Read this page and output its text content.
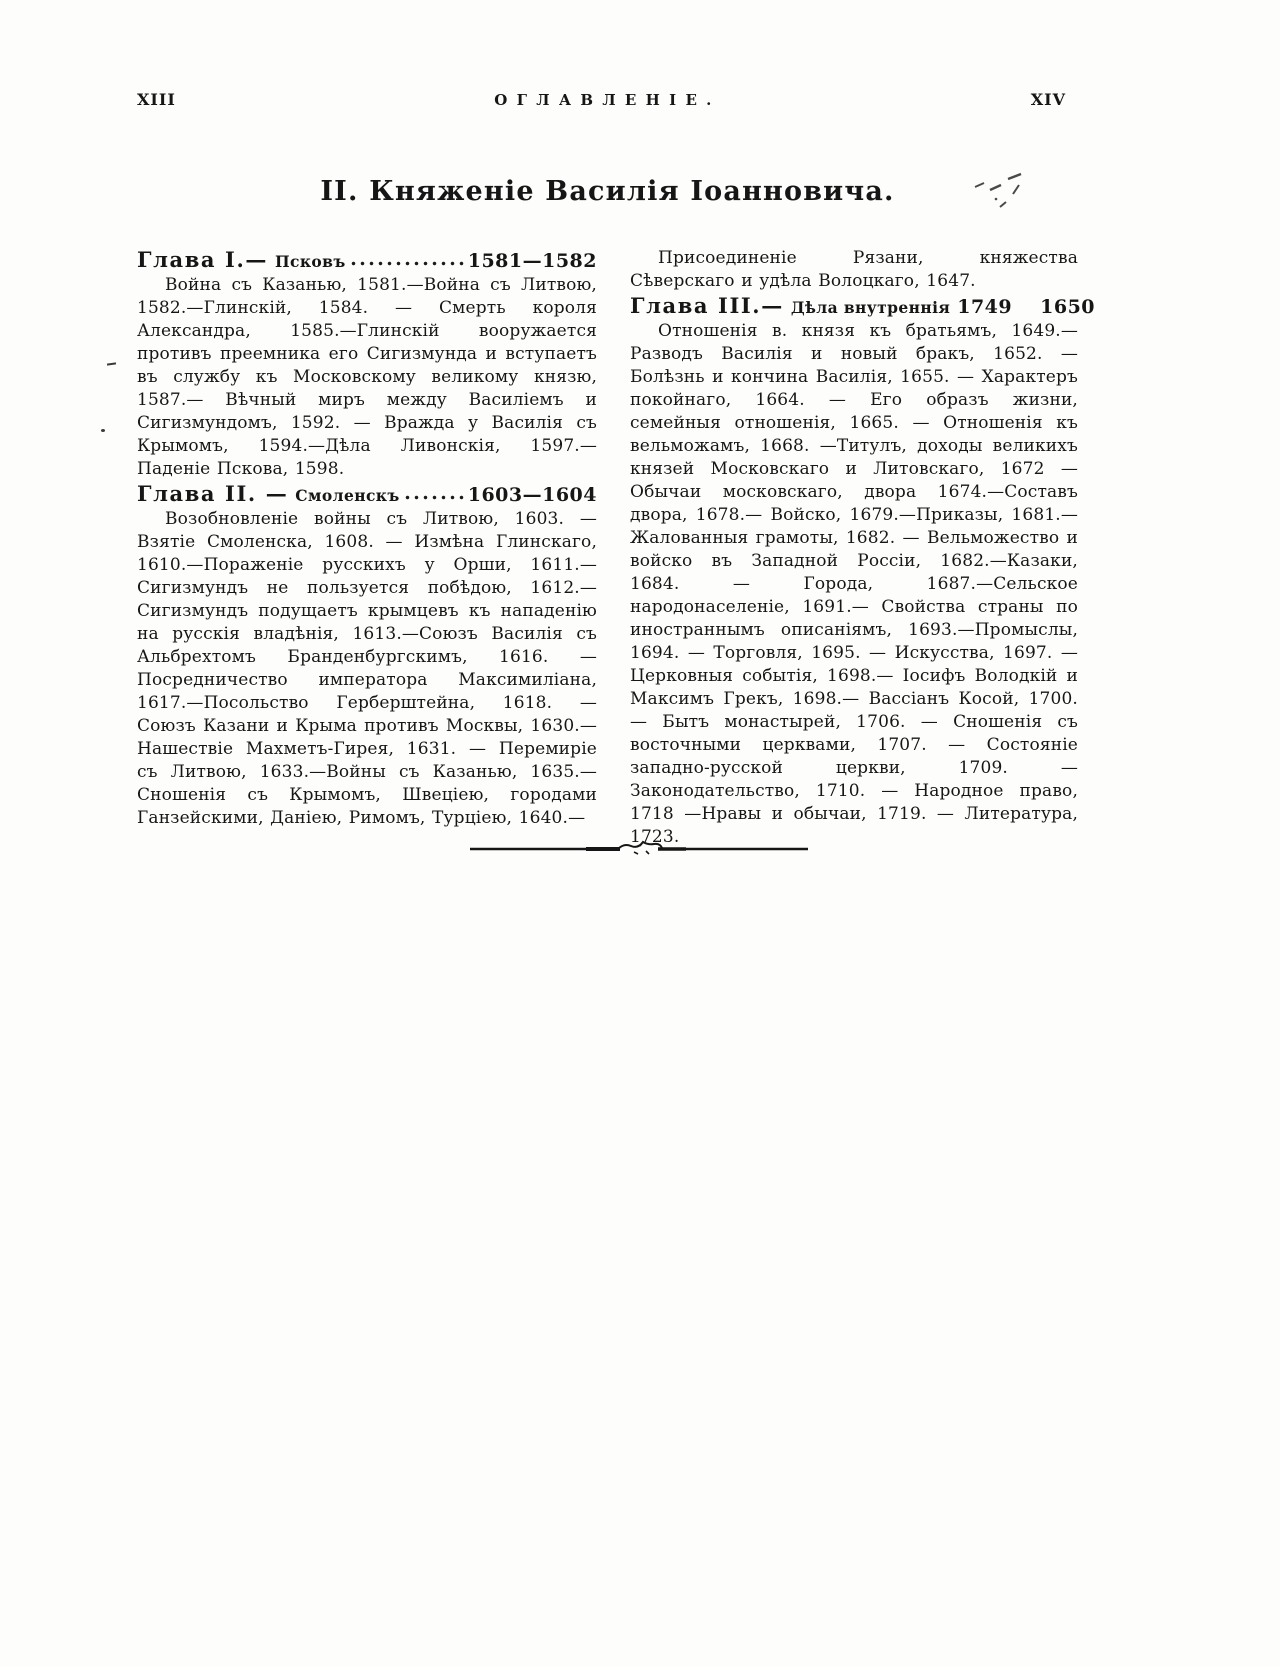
XIII	ОГЛАВЛЕНІЕ.	XIV
II. Княженіе Василія Іоанновича.
Глава I.— Псковъ	1581—1582

Война съ Казанью, 1581.—Война съ Литвою, 1582.—Глинскій, 1584. — Смерть короля Александра, 1585.—Глинскій вооружается противъ преемника его Сигизмунда и вступаетъ въ службу къ Московскому великому князю, 1587.— Вѣчный миръ между Василіемъ и Сигизмундомъ, 1592. — Вражда у Василія съ Крымомъ, 1594.—Дѣла Ливонскія, 1597.—Паденіе Пскова, 1598.

Глава II. — Смоленскъ	1603—1604

Возобновленіе войны съ Литвою, 1603. — Взятіе Смоленска, 1608. — Измѣна Глинскаго, 1610.—Пораженіе русскихъ у Орши, 1611.— Сигизмундъ не пользуется побѣдою, 1612.— Сигизмундъ подущаетъ крымцевъ къ нападенію на русскія владѣнія, 1613.—Союзъ Василія съ Альбрехтомъ Бранденбургскимъ, 1616. — Посредничество императора Максимиліана, 1617.—Посольство Герберштейна, 1618. — Союзъ Казани и Крыма противъ Москвы, 1630.— Нашествіе Махметъ-Гирея, 1631. — Перемиріе съ Литвою, 1633.—Войны съ Казанью, 1635.— Сношенія съ Крымомъ, Швеціею, городами Ганзейскими, Даніею, Римомъ, Турціею, 1640.—

Присоединеніе Рязани, княжества Сѣверскаго и удѣла Волоцкаго, 1647.

Глава III.— Дѣла внутреннія 1749 1650

Отношенія в. князя къ братьямъ, 1649.— Разводъ Василія и новый бракъ, 1652. — Болѣзнь и кончина Василія, 1655. — Характеръ покойнаго, 1664. — Его образъ жизни, семейныя отношенія, 1665. — Отношенія къ вельможамъ, 1668. —Титулъ, доходы великихъ князей Московскаго и Литовскаго, 1672 —Обычаи московскаго, двора 1674.—Составъ двора, 1678.— Войско, 1679.—Приказы, 1681.—Жалованныя грамоты, 1682. — Вельможество и войско въ Западной Россіи, 1682.—Казаки, 1684. — Города, 1687.—Сельское народонаселеніе, 1691.— Свойства страны по иностраннымъ описаніямъ, 1693.—Промыслы, 1694. — Торговля, 1695. — Искусства, 1697. —Церковныя событія, 1698.— Іосифъ Володкій и Максимъ Грекъ, 1698.— Вассіанъ Косой, 1700. — Бытъ монастырей, 1706. — Сношенія съ восточными церквами, 1707. — Состояніе западно-русской церкви, 1709. — Законодательство, 1710. — Народное право, 1718 —Нравы и обычаи, 1719. — Литература, 1723.
